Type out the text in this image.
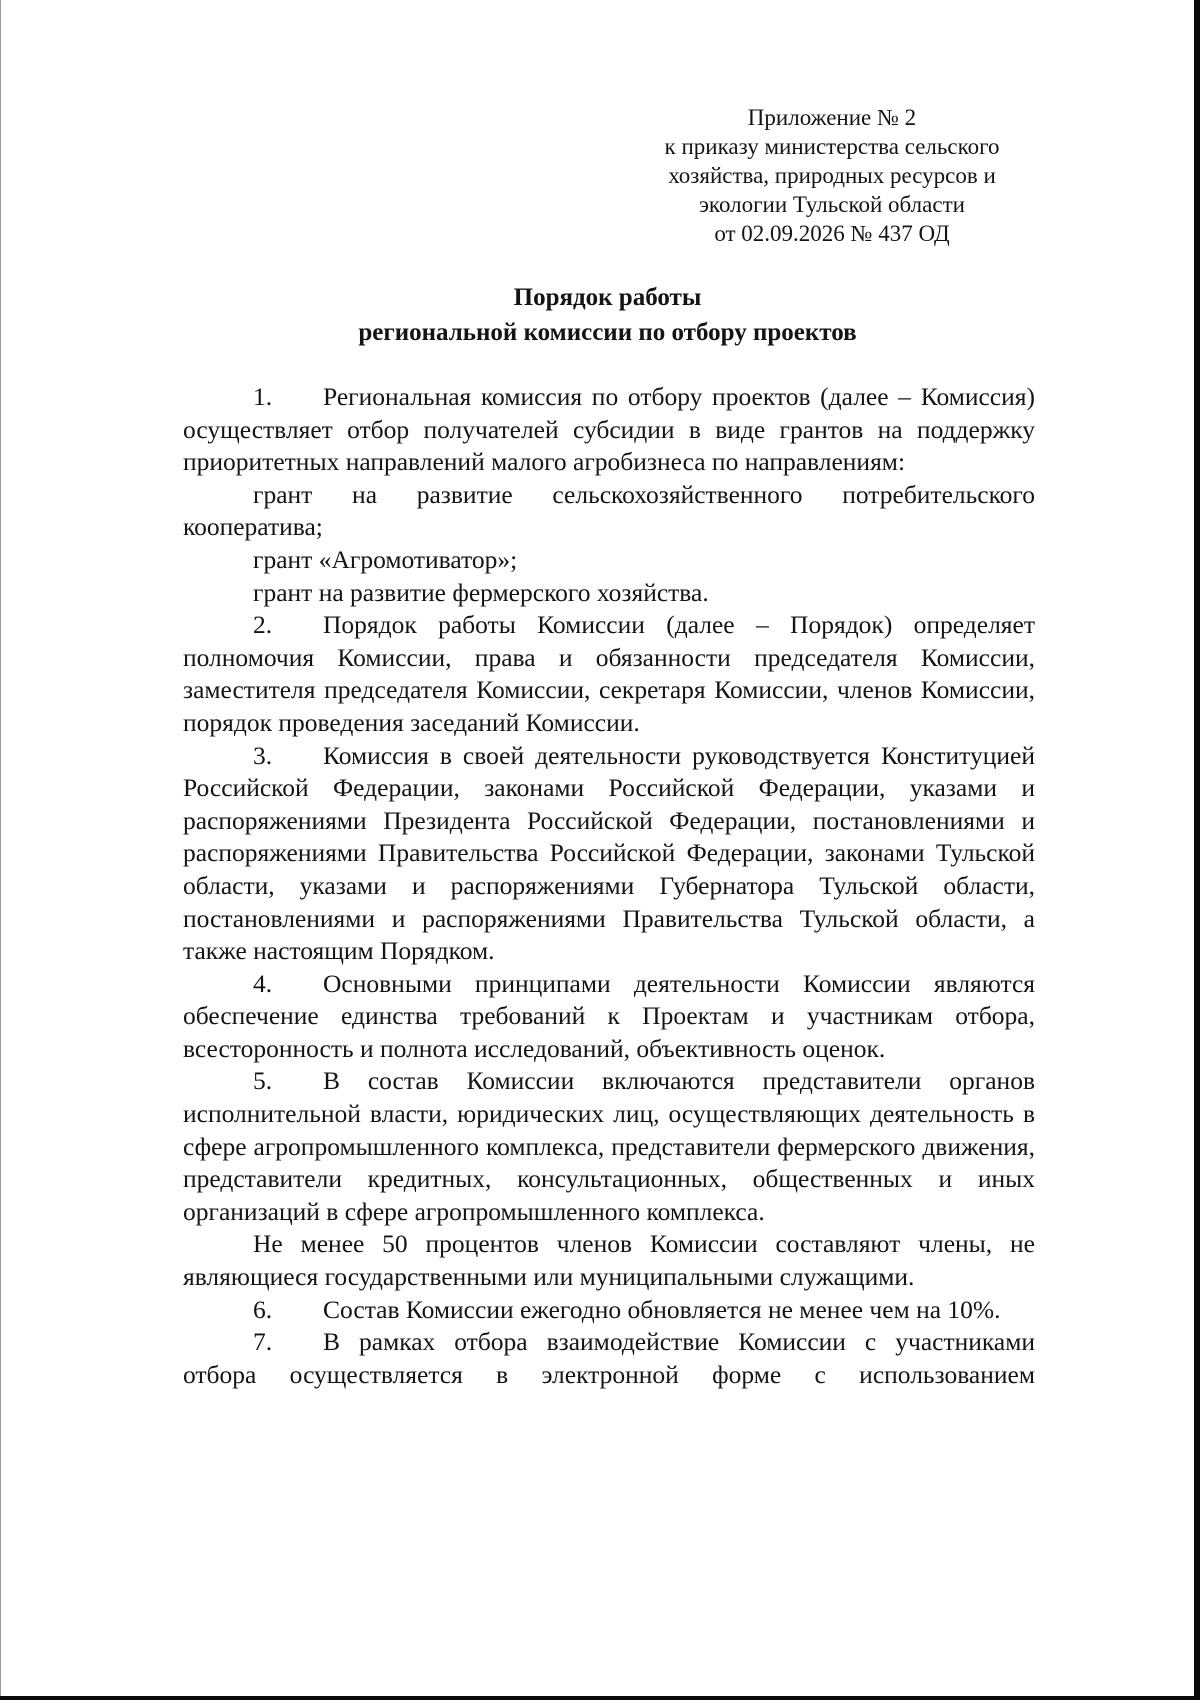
Приложение № 2
к приказу министерства сельского
хозяйства, природных ресурсов и
экологии Тульской области
от 02.09.2026 № 437 ОД
Порядок работы
региональной комиссии по отбору проектов

1. Региональная комиссия по отбору проектов (далее – Комиссия) осуществляет отбор получателей субсидии в виде грантов на поддержку приоритетных направлений малого агробизнеса по направлениям:

грант на развитие сельскохозяйственного потребительского кооператива;

грант «Агромотиватор»;

грант на развитие фермерского хозяйства.

2. Порядок работы Комиссии (далее – Порядок) определяет полномочия Комиссии, права и обязанности председателя Комиссии, заместителя председателя Комиссии, секретаря Комиссии, членов Комиссии, порядок проведения заседаний Комиссии.

3. Комиссия в своей деятельности руководствуется Конституцией Российской Федерации, законами Российской Федерации, указами и распоряжениями Президента Российской Федерации, постановлениями и распоряжениями Правительства Российской Федерации, законами Тульской области, указами и распоряжениями Губернатора Тульской области, постановлениями и распоряжениями Правительства Тульской области, а также настоящим Порядком.

4. Основными принципами деятельности Комиссии являются обеспечение единства требований к Проектам и участникам отбора, всесторонность и полнота исследований, объективность оценок.

5. В состав Комиссии включаются представители органов исполнительной власти, юридических лиц, осуществляющих деятельность в сфере агропромышленного комплекса, представители фермерского движения, представители кредитных, консультационных, общественных и иных организаций в сфере агропромышленного комплекса.

Не менее 50 процентов членов Комиссии составляют члены, не являющиеся государственными или муниципальными служащими.

6. Состав Комиссии ежегодно обновляется не менее чем на 10%.

7. В рамках отбора взаимодействие Комиссии с участниками отбора осуществляется в электронной форме с использованием
